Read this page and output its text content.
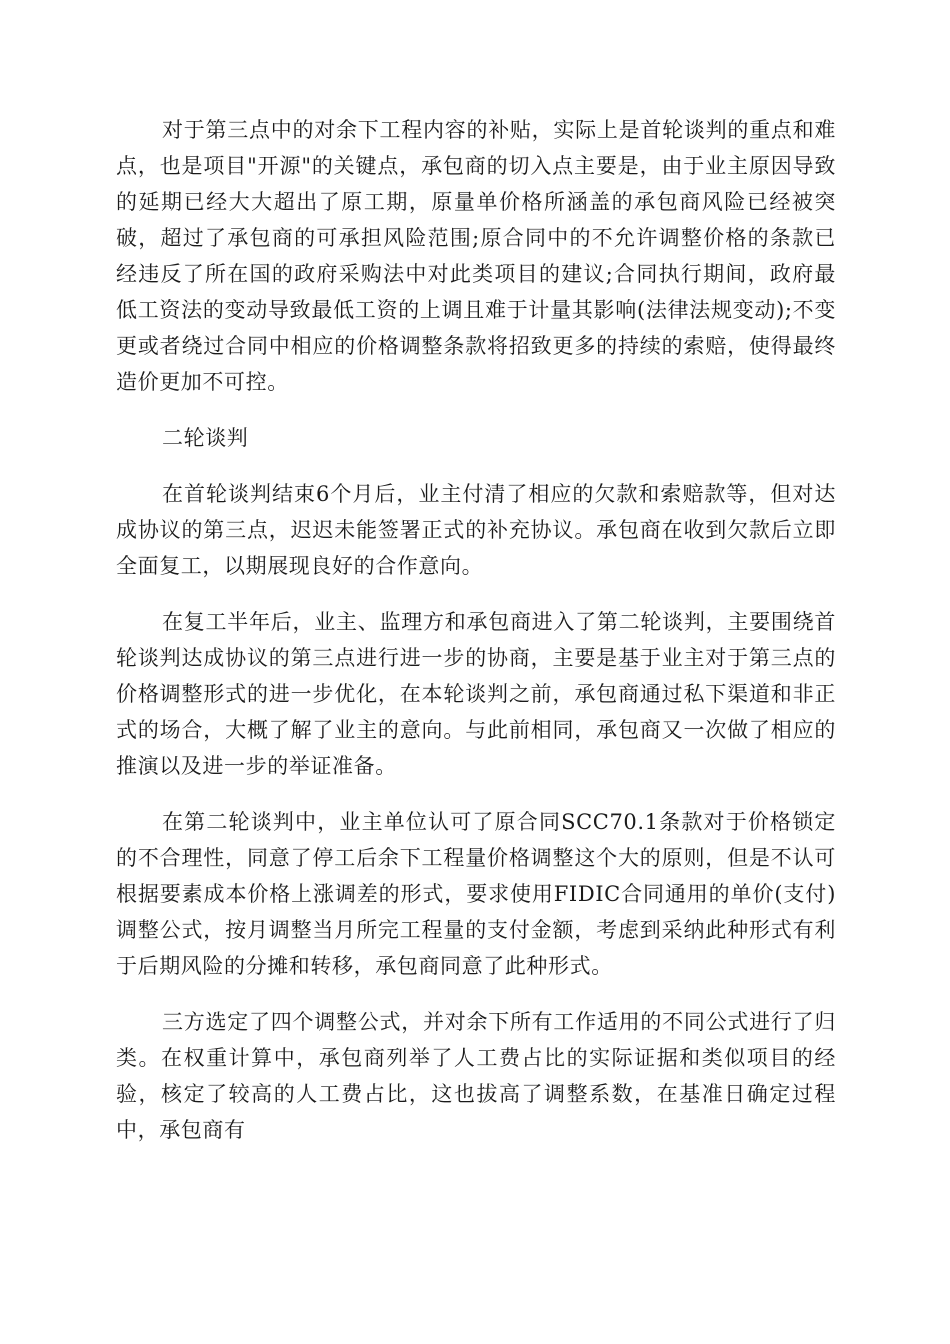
对于第三点中的对余下工程内容的补贴，实际上是首轮谈判的重点和难点，也是项目"开源"的关键点，承包商的切入点主要是，由于业主原因导致的延期已经大大超出了原工期，原量单价格所涵盖的承包商风险已经被突破，超过了承包商的可承担风险范围;原合同中的不允许调整价格的条款已经违反了所在国的政府采购法中对此类项目的建议;合同执行期间，政府最低工资法的变动导致最低工资的上调且难于计量其影响(法律法规变动);不变更或者绕过合同中相应的价格调整条款将招致更多的持续的索赔，使得最终造价更加不可控。

二轮谈判

在首轮谈判结束6个月后，业主付清了相应的欠款和索赔款等，但对达成协议的第三点，迟迟未能签署正式的补充协议。承包商在收到欠款后立即全面复工，以期展现良好的合作意向。

在复工半年后，业主、监理方和承包商进入了第二轮谈判，主要围绕首轮谈判达成协议的第三点进行进一步的协商，主要是基于业主对于第三点的价格调整形式的进一步优化，在本轮谈判之前，承包商通过私下渠道和非正式的场合，大概了解了业主的意向。与此前相同，承包商又一次做了相应的推演以及进一步的举证准备。

在第二轮谈判中，业主单位认可了原合同SCC70.1条款对于价格锁定的不合理性，同意了停工后余下工程量价格调整这个大的原则，但是不认可根据要素成本价格上涨调差的形式，要求使用FIDIC合同通用的单价(支付)调整公式，按月调整当月所完工程量的支付金额，考虑到采纳此种形式有利于后期风险的分摊和转移，承包商同意了此种形式。

三方选定了四个调整公式，并对余下所有工作适用的不同公式进行了归类。在权重计算中，承包商列举了人工费占比的实际证据和类似项目的经验，核定了较高的人工费占比，这也拔高了调整系数，在基准日确定过程中，承包商有
